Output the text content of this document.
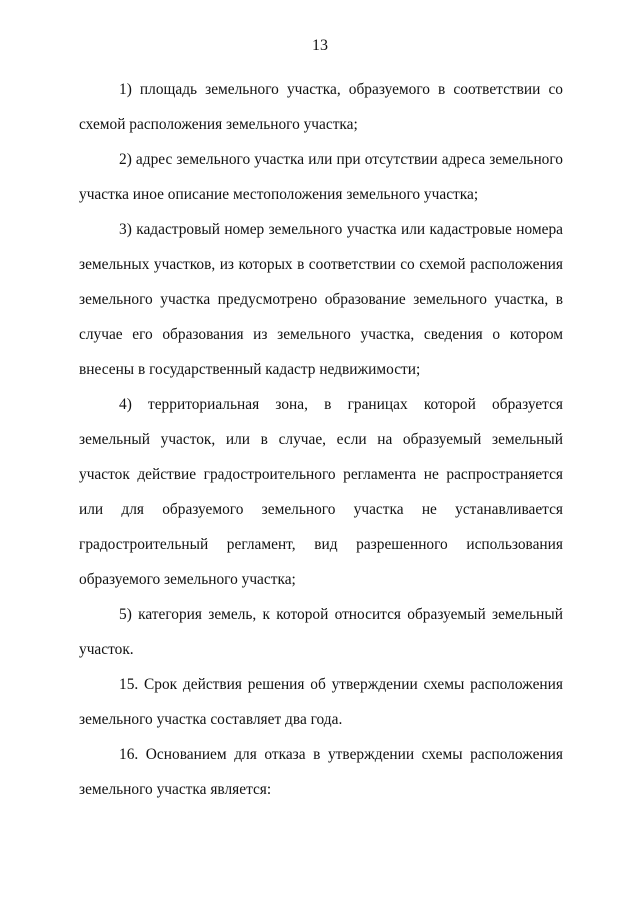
13

1) площадь земельного участка, образуемого в соответствии со схемой расположения земельного участка;

2) адрес земельного участка или при отсутствии адреса земельного участка иное описание местоположения земельного участка;

3) кадастровый номер земельного участка или кадастровые номера земельных участков, из которых в соответствии со схемой расположения земельного участка предусмотрено образование земельного участка, в случае его образования из земельного участка, сведения о котором внесены в государственный кадастр недвижимости;

4) территориальная зона, в границах которой образуется земельный участок, или в случае, если на образуемый земельный участок действие градостроительного регламента не распространяется или для образуемого земельного участка не устанавливается градостроительный регламент, вид разрешенного использования образуемого земельного участка;

5) категория земель, к которой относится образуемый земельный участок.

15. Срок действия решения об утверждении схемы расположения земельного участка составляет два года.

16. Основанием для отказа в утверждении схемы расположения земельного участка является:
